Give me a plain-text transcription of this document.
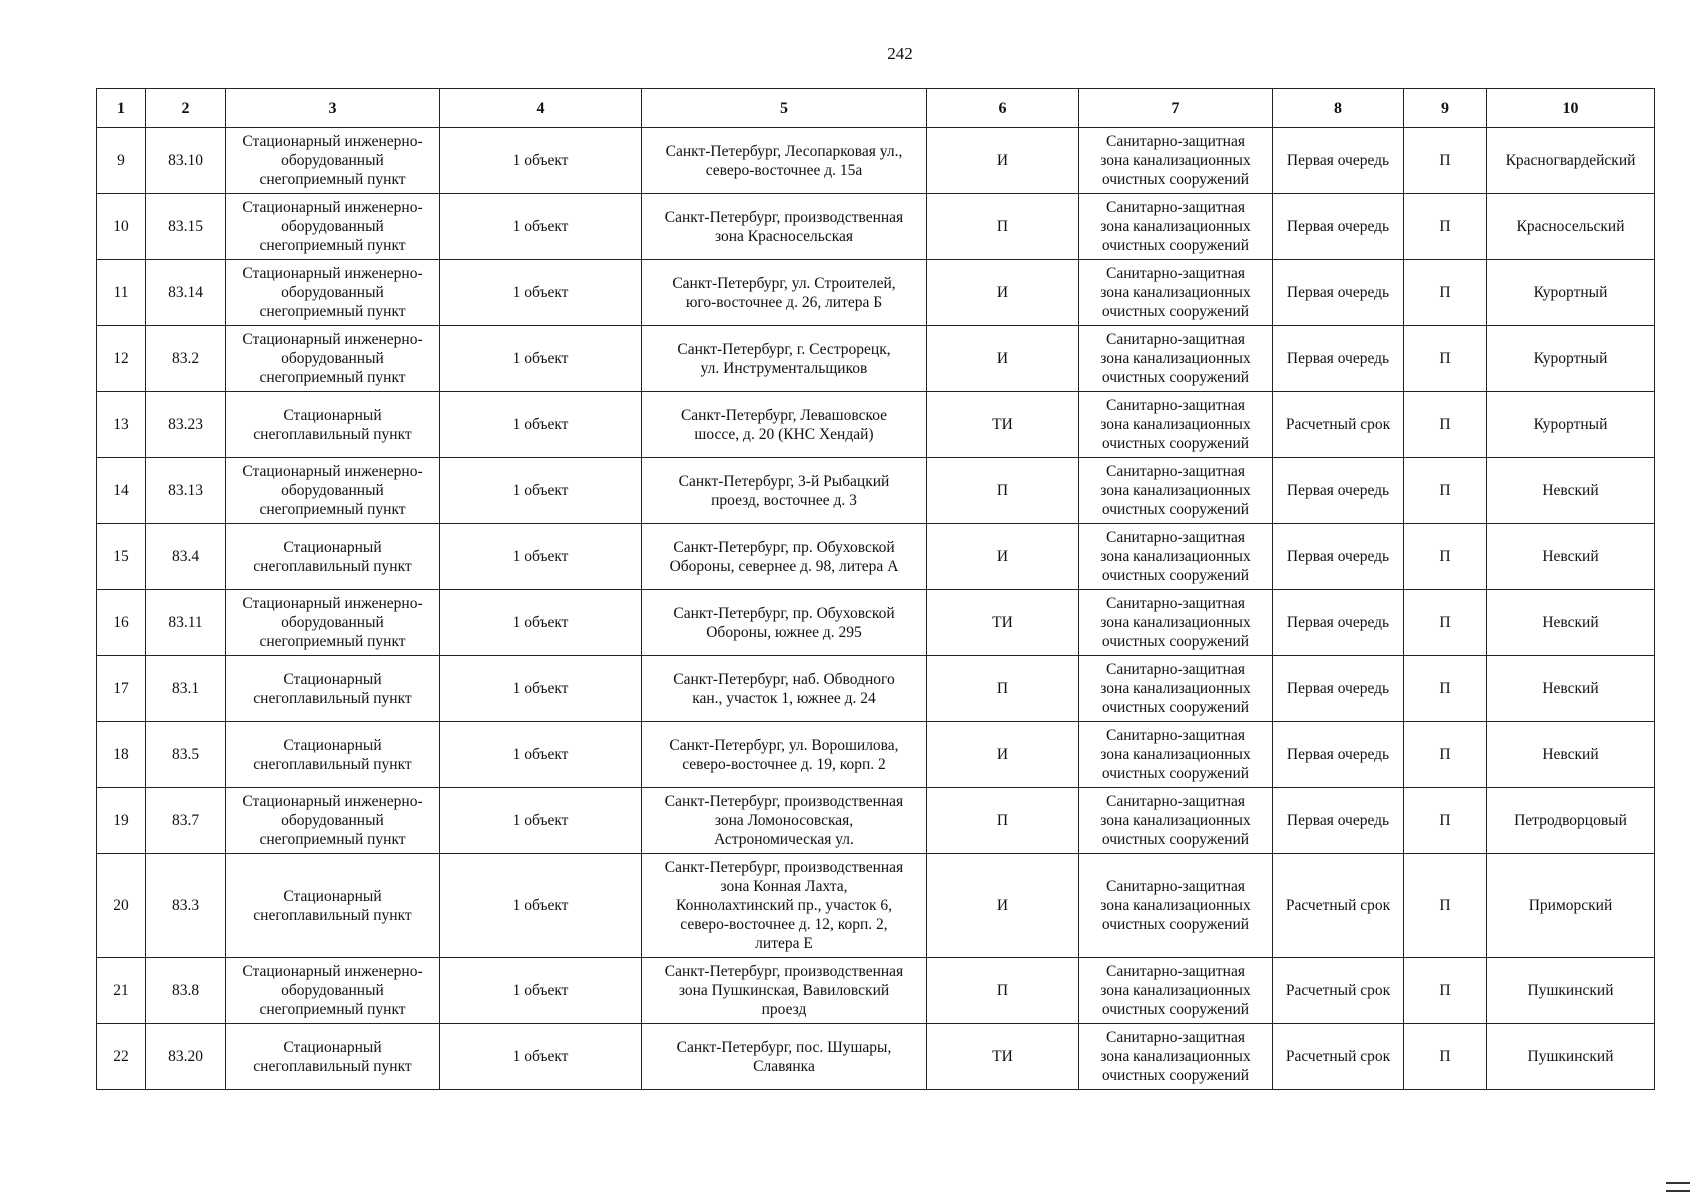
242
1	2	3	4	5	6	7	8	9	10
9	83.10	Стационарный инженерно-
оборудованный
снегоприемный пункт	1 объект	Санкт-Петербург, Лесопарковая ул.,
северо-восточнее д. 15а	И	Санитарно-защитная
зона канализационных
очистных сооружений	Первая очередь	П	Красногвардейский
10	83.15	Стационарный инженерно-
оборудованный
снегоприемный пункт	1 объект	Санкт-Петербург, производственная
зона Красносельская	П	Санитарно-защитная
зона канализационных
очистных сооружений	Первая очередь	П	Красносельский
11	83.14	Стационарный инженерно-
оборудованный
снегоприемный пункт	1 объект	Санкт-Петербург, ул. Строителей,
юго-восточнее д. 26, литера Б	И	Санитарно-защитная
зона канализационных
очистных сооружений	Первая очередь	П	Курортный
12	83.2	Стационарный инженерно-
оборудованный
снегоприемный пункт	1 объект	Санкт-Петербург, г. Сестрорецк,
ул. Инструментальщиков	И	Санитарно-защитная
зона канализационных
очистных сооружений	Первая очередь	П	Курортный
13	83.23	Стационарный
снегоплавильный пункт	1 объект	Санкт-Петербург, Левашовское
шоссе, д. 20 (КНС Хендай)	ТИ	Санитарно-защитная
зона канализационных
очистных сооружений	Расчетный срок	П	Курортный
14	83.13	Стационарный инженерно-
оборудованный
снегоприемный пункт	1 объект	Санкт-Петербург, 3-й Рыбацкий
проезд, восточнее д. 3	П	Санитарно-защитная
зона канализационных
очистных сооружений	Первая очередь	П	Невский
15	83.4	Стационарный
снегоплавильный пункт	1 объект	Санкт-Петербург, пр. Обуховской
Обороны, севернее д. 98, литера А	И	Санитарно-защитная
зона канализационных
очистных сооружений	Первая очередь	П	Невский
16	83.11	Стационарный инженерно-
оборудованный
снегоприемный пункт	1 объект	Санкт-Петербург, пр. Обуховской
Обороны, южнее д. 295	ТИ	Санитарно-защитная
зона канализационных
очистных сооружений	Первая очередь	П	Невский
17	83.1	Стационарный
снегоплавильный пункт	1 объект	Санкт-Петербург, наб. Обводного
кан., участок 1, южнее д. 24	П	Санитарно-защитная
зона канализационных
очистных сооружений	Первая очередь	П	Невский
18	83.5	Стационарный
снегоплавильный пункт	1 объект	Санкт-Петербург, ул. Ворошилова,
северо-восточнее д. 19, корп. 2	И	Санитарно-защитная
зона канализационных
очистных сооружений	Первая очередь	П	Невский
19	83.7	Стационарный инженерно-
оборудованный
снегоприемный пункт	1 объект	Санкт-Петербург, производственная
зона Ломоносовская,
Астрономическая ул.	П	Санитарно-защитная
зона канализационных
очистных сооружений	Первая очередь	П	Петродворцовый
20	83.3	Стационарный
снегоплавильный пункт	1 объект	Санкт-Петербург, производственная
зона Конная Лахта,
Коннолахтинский пр., участок 6,
северо-восточнее д. 12, корп. 2,
литера Е	И	Санитарно-защитная
зона канализационных
очистных сооружений	Расчетный срок	П	Приморский
21	83.8	Стационарный инженерно-
оборудованный
снегоприемный пункт	1 объект	Санкт-Петербург, производственная
зона Пушкинская, Вавиловский
проезд	П	Санитарно-защитная
зона канализационных
очистных сооружений	Расчетный срок	П	Пушкинский
22	83.20	Стационарный
снегоплавильный пункт	1 объект	Санкт-Петербург, пос. Шушары,
Славянка	ТИ	Санитарно-защитная
зона канализационных
очистных сооружений	Расчетный срок	П	Пушкинский
